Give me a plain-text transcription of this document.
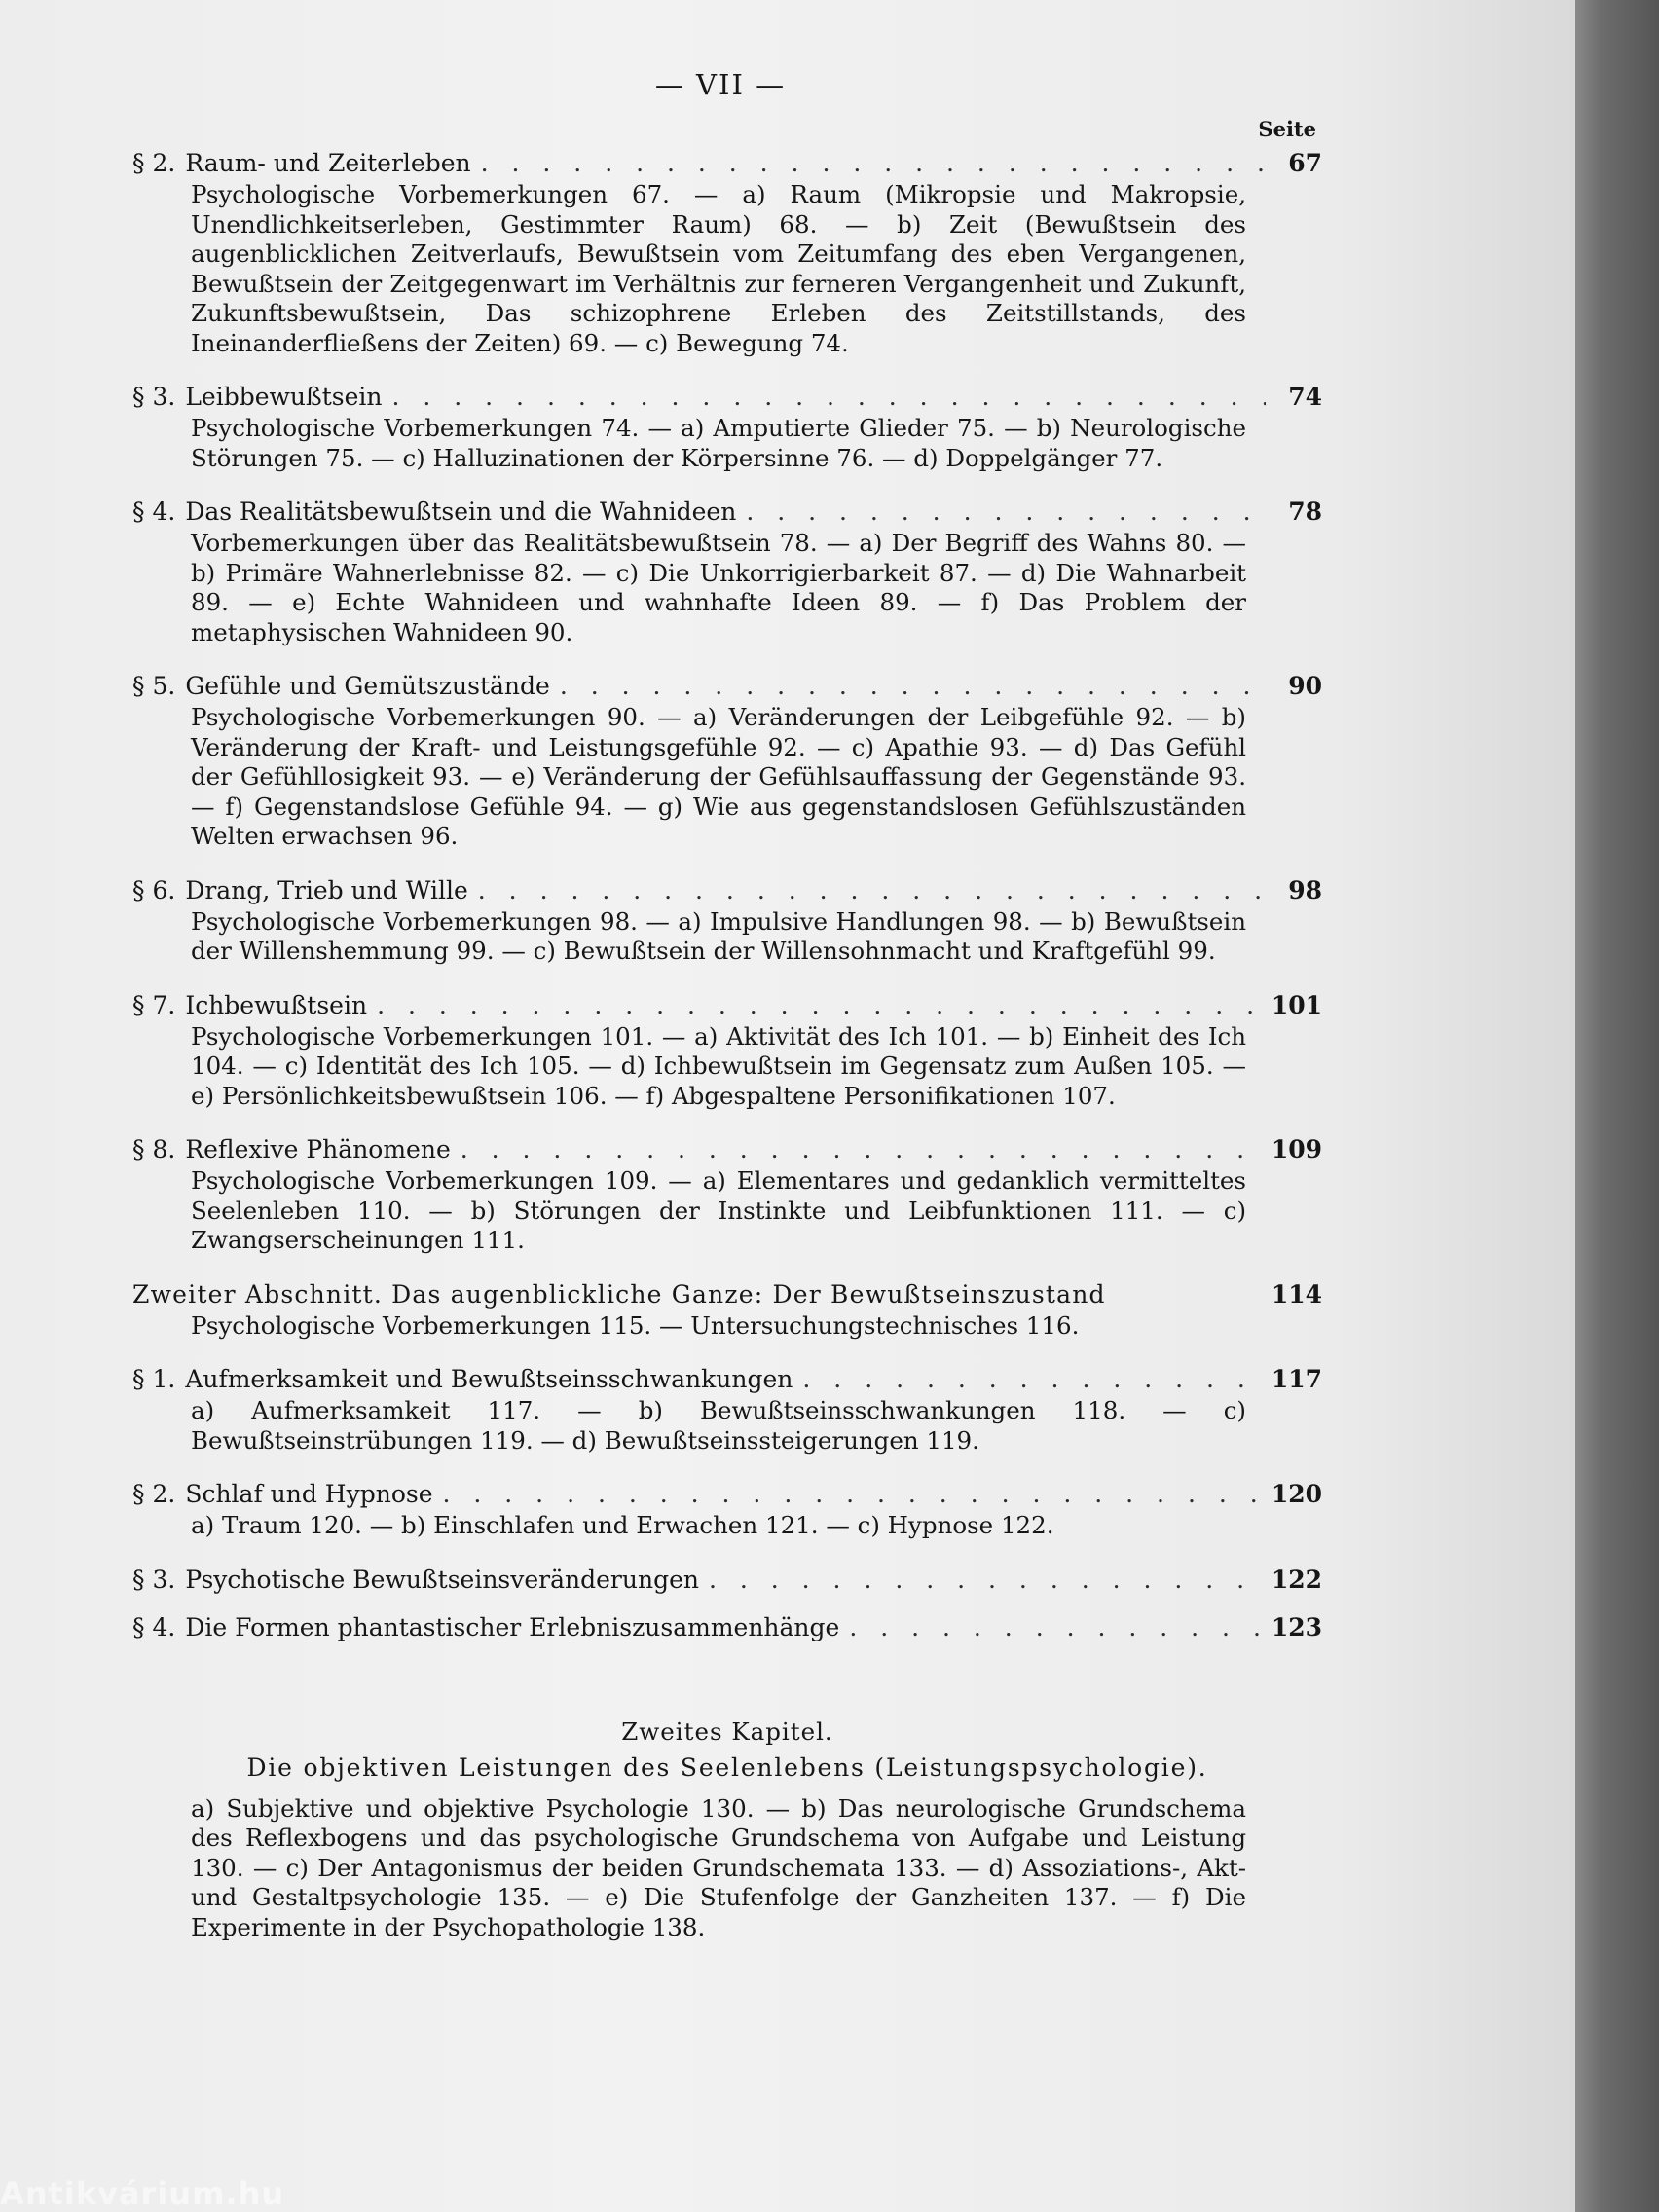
— VII —
Seite
§ 2. Raum- und Zeiterleben . . .	67
Psychologische Vorbemerkungen 67. — a) Raum (Mikropsie und Makropsie, Unendlichkeitserleben, Gestimmter Raum) 68. — b) Zeit (Bewußtsein des augenblicklichen Zeitverlaufs, Bewußtsein vom Zeitumfang des eben Vergangenen, Bewußtsein der Zeitgegenwart im Verhältnis zur ferneren Vergangenheit und Zukunft, Zukunftsbewußtsein, Das schizophrene Erleben des Zeitstillstands, des Ineinanderfließens der Zeiten) 69. — c) Bewegung 74.
§ 3. Leibbewußtsein . . .	74
Psychologische Vorbemerkungen 74. — a) Amputierte Glieder 75. — b) Neurologische Störungen 75. — c) Halluzinationen der Körpersinne 76. — d) Doppelgänger 77.
§ 4. Das Realitätsbewußtsein und die Wahnideen . . .	78
Vorbemerkungen über das Realitätsbewußtsein 78. — a) Der Begriff des Wahns 80. — b) Primäre Wahnerlebnisse 82. — c) Die Unkorrigierbarkeit 87. — d) Die Wahnarbeit 89. — e) Echte Wahnideen und wahnhafte Ideen 89. — f) Das Problem der metaphysischen Wahnideen 90.
§ 5. Gefühle und Gemütszustände . . .	90
Psychologische Vorbemerkungen 90. — a) Veränderungen der Leibgefühle 92. — b) Veränderung der Kraft- und Leistungsgefühle 92. — c) Apathie 93. — d) Das Gefühl der Gefühllosigkeit 93. — e) Veränderung der Gefühlsauffassung der Gegenstände 93. — f) Gegenstandslose Gefühle 94. — g) Wie aus gegenstandslosen Gefühlszuständen Welten erwachsen 96.
§ 6. Drang, Trieb und Wille . . .	98
Psychologische Vorbemerkungen 98. — a) Impulsive Handlungen 98. — b) Bewußtsein der Willenshemmung 99. — c) Bewußtsein der Willensohnmacht und Kraftgefühl 99.
§ 7. Ichbewußtsein . . .	101
Psychologische Vorbemerkungen 101. — a) Aktivität des Ich 101. — b) Einheit des Ich 104. — c) Identität des Ich 105. — d) Ichbewußtsein im Gegensatz zum Außen 105. — e) Persönlichkeitsbewußtsein 106. — f) Abgespaltene Personifikationen 107.
§ 8. Reflexive Phänomene . . .	109
Psychologische Vorbemerkungen 109. — a) Elementares und gedanklich vermitteltes Seelenleben 110. — b) Störungen der Instinkte und Leibfunktionen 111. — c) Zwangserscheinungen 111.
Zweiter Abschnitt. Das augenblickliche Ganze: Der Bewußtseinszustand	114
Psychologische Vorbemerkungen 115. — Untersuchungstechnisches 116.
§ 1. Aufmerksamkeit und Bewußtseinsschwankungen . . .	117
a) Aufmerksamkeit 117. — b) Bewußtseinsschwankungen 118. — c) Bewußtseinstrübungen 119. — d) Bewußtseinssteigerungen 119.
§ 2. Schlaf und Hypnose . . .	120
a) Traum 120. — b) Einschlafen und Erwachen 121. — c) Hypnose 122.
§ 3. Psychotische Bewußtseinsveränderungen . . .	122
§ 4. Die Formen phantastischer Erlebniszusammenhänge . . .	123
Zweites Kapitel.
Die objektiven Leistungen des Seelenlebens (Leistungspsychologie).
a) Subjektive und objektive Psychologie 130. — b) Das neurologische Grundschema des Reflexbogens und das psychologische Grundschema von Aufgabe und Leistung 130. — c) Der Antagonismus der beiden Grundschemata 133. — d) Assoziations-, Akt- und Gestaltpsychologie 135. — e) Die Stufenfolge der Ganzheiten 137. — f) Die Experimente in der Psychopathologie 138.
Antikvárium.hu
